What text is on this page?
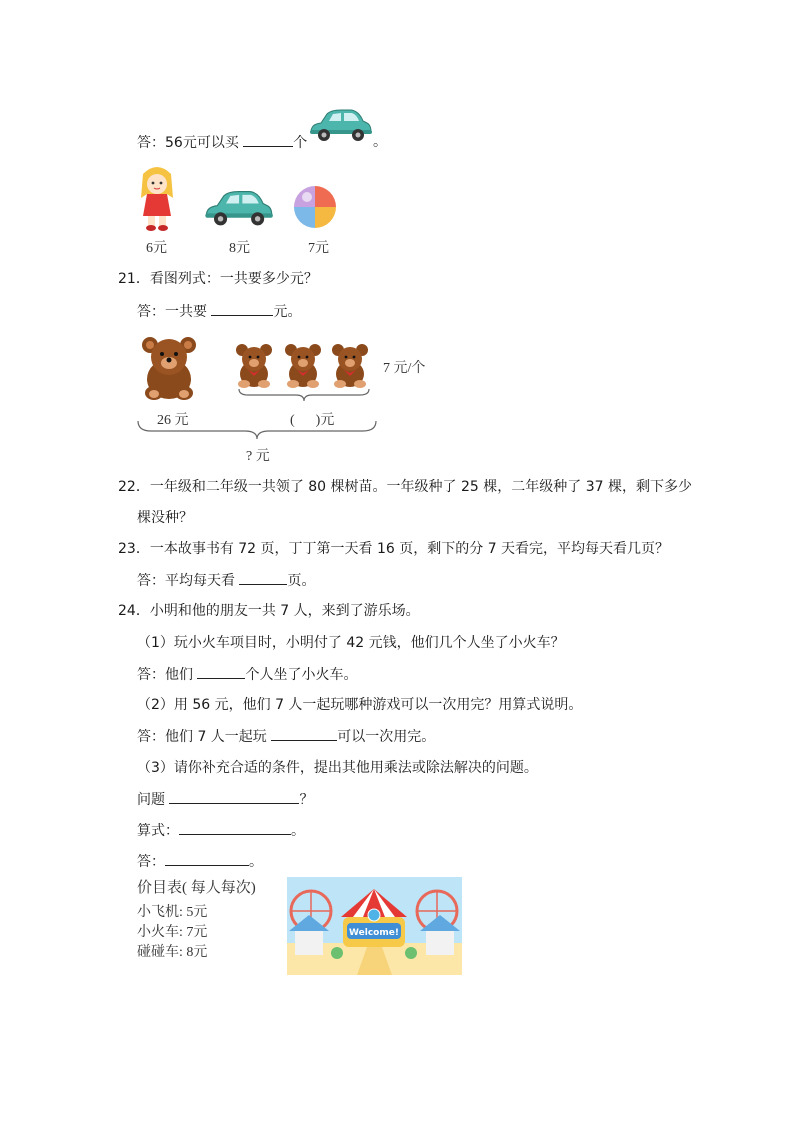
答：56元可以买	个	。
6元	8元	7元
21．看图列式：一共要多少元？
答：一共要	元。
7 元/个
26 元	(      )元
? 元
22．一年级和二年级一共领了 80 棵树苗。一年级种了 25 棵，二年级种了 37 棵，剩下多少
棵没种？
23．一本故事书有 72 页，丁丁第一天看 16 页，剩下的分 7 天看完，平均每天看几页？
答：平均每天看	页。
24．小明和他的朋友一共 7 人，来到了游乐场。
（1）玩小火车项目时，小明付了 42 元钱，他们几个人坐了小火车？
答：他们	个人坐了小火车。
（2）用 56 元，他们 7 人一起玩哪种游戏可以一次用完？用算式说明。
答：他们 7 人一起玩	可以一次用完。
（3）请你补充合适的条件，提出其他用乘法或除法解决的问题。
问题	？
算式：	。
答：	。
价目表( 每人每次)
小飞机: 5元
小火车: 7元
碰碰车: 8元
Welcome!
